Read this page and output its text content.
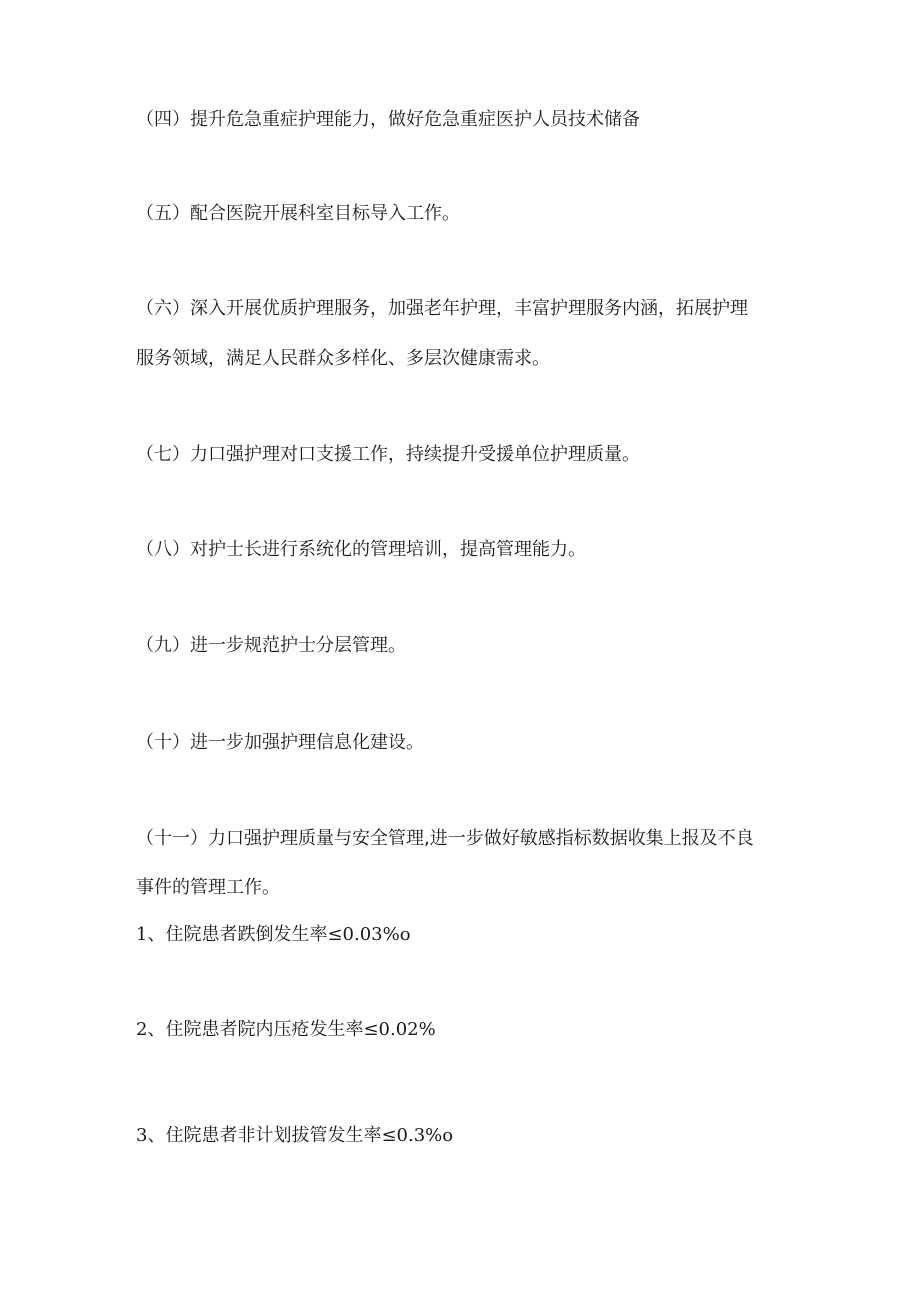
（四）提升危急重症护理能力，做好危急重症医护人员技术储备
（五）配合医院开展科室目标导入工作。
（六）深入开展优质护理服务，加强老年护理，丰富护理服务内涵，拓展护理
服务领域，满足人民群众多样化、多层次健康需求。
（七）力口强护理对口支援工作，持续提升受援单位护理质量。
（八）对护士长进行系统化的管理培训，提高管理能力。
（九）进一步规范护士分层管理。
（十）进一步加强护理信息化建设。
（十一）力口强护理质量与安全管理,进一步做好敏感指标数据收集上报及不良
事件的管理工作。
1、住院患者跌倒发生率≤0.03%o
2、住院患者院内压疮发生率≤0.02%
3、住院患者非计划拔管发生率≤0.3%o
